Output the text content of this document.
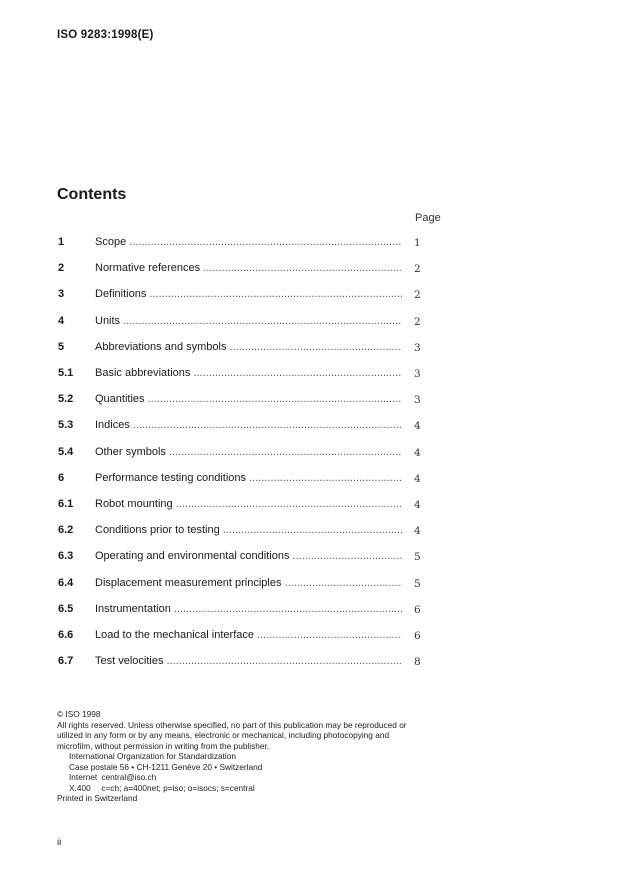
ISO 9283:1998(E)
Contents
Page
1	Scope .....	1
2	Normative references .....	2
3	Definitions .....	2
4	Units .....	2
5	Abbreviations and symbols .....	3
5.1 Basic abbreviations .....	3
5.2 Quantities .....	3
5.3 Indices .....	4
5.4 Other symbols .....	4
6	Performance testing conditions .....	4
6.1 Robot mounting .....	4
6.2 Conditions prior to testing .....	4
6.3 Operating and environmental conditions .....	5
6.4 Displacement measurement principles .....	5
6.5 Instrumentation .....	6
6.6 Load to the mechanical interface .....	6
6.7 Test velocities .....	8

© ISO 1998

All rights reserved. Unless otherwise specified, no part of this publication may be reproduced or utilized in any form or by any means, electronic or mechanical, including photocopying and microfilm, without permission in writing from the publisher.

International Organization for Standardization

Case postale 56 • CH-1211 Genève 20 • Switzerland

Internet central@iso.ch

X.400 c=ch; a=400net; p=iso; o=isocs; s=central

Printed in Switzerland

ii
